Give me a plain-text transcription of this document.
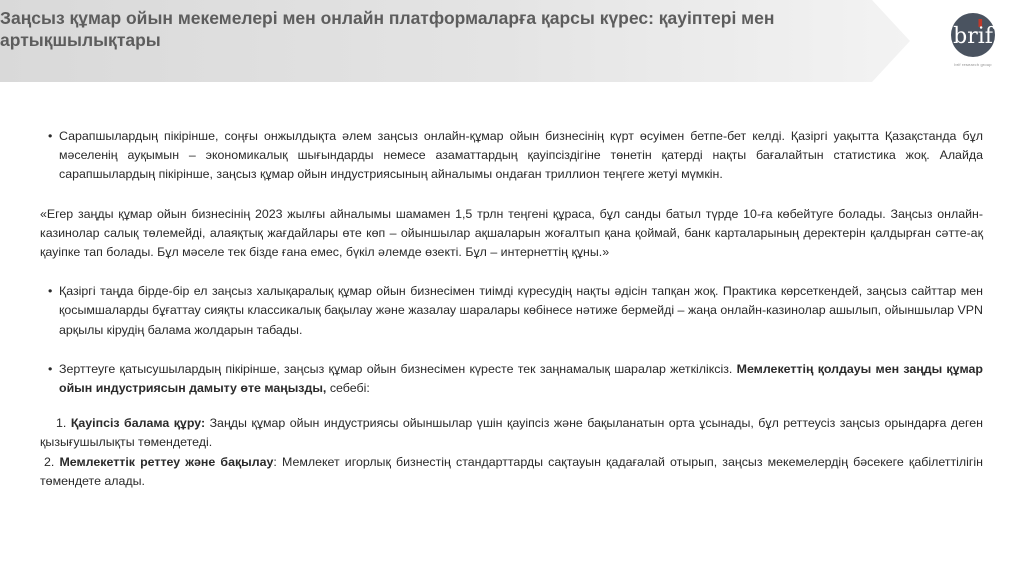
Заңсыз құмар ойын мекемелері мен онлайн платформаларға қарсы күрес: қауіптері мен артықшылықтары	brif
brif research group

• Сарапшылардың пікірінше, соңғы онжылдықта әлем заңсыз онлайн-құмар ойын бизнесінің күрт өсуімен бетпе-бет келді. Қазіргі уақытта Қазақстанда бұл мәселенің ауқымын – экономикалық шығындарды немесе азаматтардың қауіпсіздігіне төнетін қатерді нақты бағалайтын статистика жоқ. Алайда сарапшылардың пікірінше, заңсыз құмар ойын индустриясының айналымы ондаған триллион теңгеге жетуі мүмкін.

«Егер заңды құмар ойын бизнесінің 2023 жылғы айналымы шамамен 1,5 трлн теңгені құраса, бұл санды батыл түрде 10-ға көбейтуге болады. Заңсыз онлайн-казинолар салық төлемейді, алаяқтық жағдайлары өте көп – ойыншылар ақшаларын жоғалтып қана қоймай, банк карталарының деректерін қалдырған сәтте-ақ қауіпке тап болады. Бұл мәселе тек бізде ғана емес, бүкіл әлемде өзекті. Бұл – интернеттің құны.»

• Қазіргі таңда бірде-бір ел заңсыз халықаралық құмар ойын бизнесімен тиімді күресудің нақты әдісін тапқан жоқ. Практика көрсеткендей, заңсыз сайттар мен қосымшаларды бұғаттау сияқты классикалық бақылау және жазалау шаралары көбінесе нәтиже бермейді – жаңа онлайн-казинолар ашылып, ойыншылар VPN арқылы кірудің балама жолдарын табады.

• Зерттеуге қатысушылардың пікірінше, заңсыз құмар ойын бизнесімен күресте тек заңнамалық шаралар жеткіліксіз. Мемлекеттің қолдауы мен заңды құмар ойын индустриясын дамыту өте маңызды, себебі:

1. Қауіпсіз балама құру: Заңды құмар ойын индустриясы ойыншылар үшін қауіпсіз және бақыланатын орта ұсынады, бұл реттеусіз заңсыз орындарға деген қызығушылықты төмендетеді.

2. Мемлекеттік реттеу және бақылау: Мемлекет игорлық бизнестің стандарттарды сақтауын қадағалай отырып, заңсыз мекемелердің бәсекеге қабілеттілігін төмендете алады.
